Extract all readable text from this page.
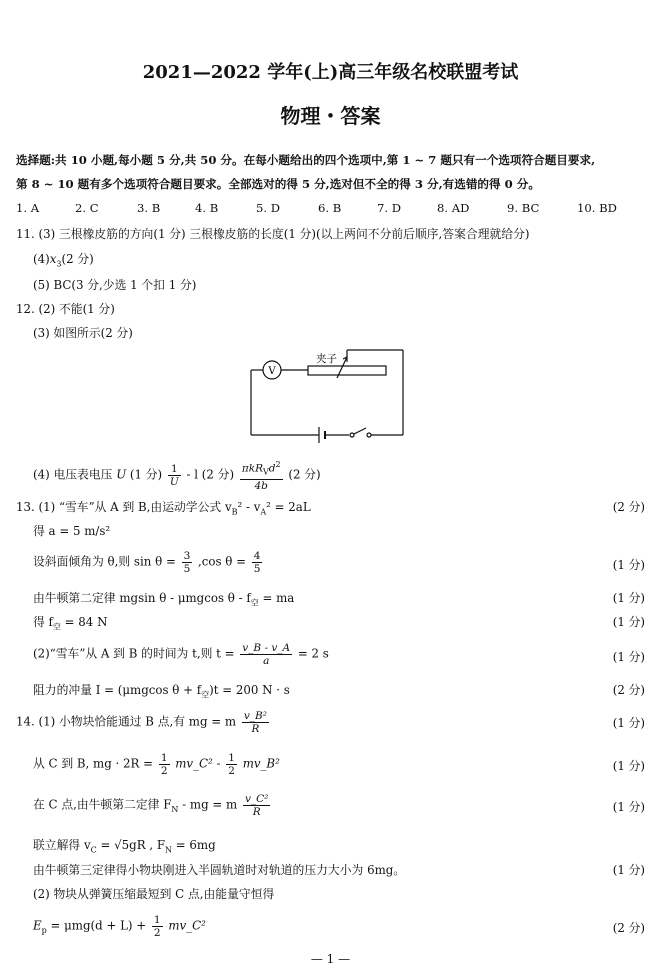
2021—2022 学年(上)高三年级名校联盟考试
物理・答案
选择题:共 10 小题,每小题 5 分,共 50 分。在每小题给出的四个选项中,第 1 ~ 7 题只有一个选项符合题目要求,
第 8 ~ 10 题有多个选项符合题目要求。全部选对的得 5 分,选对但不全的得 3 分,有选错的得 0 分。
1. A	2. C	3. B	4. B	5. D	6. B	7. D	8. AD	9. BC	10. BD
11. (3) 三根橡皮筋的方向(1 分) 三根橡皮筋的长度(1 分)(以上两问不分前后顺序,答案合理就给分)
$(4)x_3(2$ 分)
(5) BC(3 分,少选 1 个扣 1 分)
12. (2) 不能(1 分)
(3) 如图所示(2 分)
V
夹子
(4) 电压表电压 U (1 分) $\frac{1}{U}$ - l (2 分) $\frac{\pi kR_Vd^2}{4b} (2$ 分)
13. (1) “雪车”从 A 到 B,由运动学公式 $v_B^2 - v_A^2 = 2aL$	(2 分)
得 a = 5 m/s²
设斜面倾角为 θ,则 $\sin \theta = \frac{3}{5} ,\cos$ $\theta = \frac{4}{5}$	(1 分)
由牛顿第二定律 mgsin θ - μmgcos θ - $f_空$ = ma	(1 分)
得 $f_空 = 84$ N	(1 分)
(2)“雪车”从 A 到 B 的时间为 t,则 $t = \frac{v\_B - v\_A}{a} = 2$ s	(1 分)
阻力的冲量 I = (μmgcos $\theta + f_空)t = 200$ N · s	(2 分)
14. (1) 小物块恰能通过 B 点,有 mg = m $\frac{\text{v\_B²}}{R}$	(1 分)
从 C 到 B, mg · $2R = \frac{1}{2}$ mv_C² - $\frac{1}{2}$ mv_B²	(1 分)
在 C 点,由牛顿第二定律 $F_N$ - mg = m $\frac{\text{v\_C²}}{R}$	(1 分)
联立解得 $v_C = √5gR$ , $F_N = 6mg$
由牛顿第三定律得小物块刚进入半圆轨道时对轨道的压力大小为 6mg。	(1 分)
(2) 物块从弹簧压缩最短到 C 点,由能量守恒得
$E_p = \mu mg(d + L) + \frac{1}{2}$ mv_C²	(2 分)
— 1 —
